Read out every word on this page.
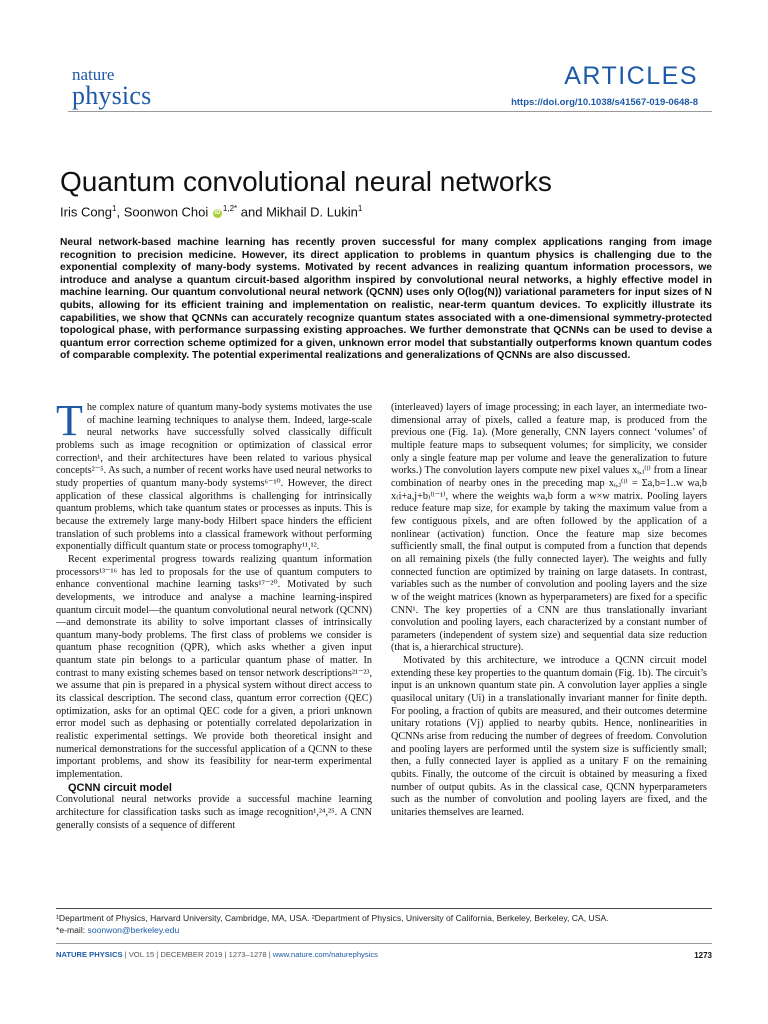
nature
physics
ARTICLES
https://doi.org/10.1038/s41567-019-0648-8
Quantum convolutional neural networks
Iris Cong$^1$, Soonwon Choi $iD^{1,2*}$ and Mikhail D. Lukin$^1$

Neural network-based machine learning has recently proven successful for many complex applications ranging from image recognition to precision medicine. However, its direct application to problems in quantum physics is challenging due to the exponential complexity of many-body systems. Motivated by recent advances in realizing quantum information processors, we introduce and analyse a quantum circuit-based algorithm inspired by convolutional neural networks, a highly effective model in machine learning. Our quantum convolutional neural network (QCNN) uses only O(log(N)) variational parameters for input sizes of N qubits, allowing for its efficient training and implementation on realistic, near-term quantum devices. To explicitly illustrate its capabilities, we show that QCNNs can accurately recognize quantum states associated with a one-dimensional symmetry-protected topological phase, with performance surpassing existing approaches. We further demonstrate that QCNNs can be used to devise a quantum error correction scheme optimized for a given, unknown error model that substantially outperforms known quantum codes of comparable complexity. The potential experimental realizations and generalizations of QCNNs are also discussed.

The complex nature of quantum many-body systems motivates the use of machine learning techniques to analyse them. Indeed, large-scale neural networks have successfully solved classically difficult problems such as image recognition or optimization of classical error correction¹, and their architectures have been related to various physical concepts²⁻⁵. As such, a number of recent works have used neural networks to study properties of quantum many-body systems⁶⁻¹⁰. However, the direct application of these classical algorithms is challenging for intrinsically quantum problems, which take quantum states or processes as inputs. This is because the extremely large many-body Hilbert space hinders the efficient translation of such problems into a classical framework without performing exponentially difficult quantum state or process tomography¹¹,¹².

Recent experimental progress towards realizing quantum information processors¹³⁻¹⁶ has led to proposals for the use of quantum computers to enhance conventional machine learning tasks¹⁷⁻²⁰. Motivated by such developments, we introduce and analyse a machine learning-inspired quantum circuit model—the quantum convolutional neural network (QCNN)—and demonstrate its ability to solve important classes of intrinsically quantum many-body problems. The first class of problems we consider is quantum phase recognition (QPR), which asks whether a given input quantum state ρin belongs to a particular quantum phase of matter. In contrast to many existing schemes based on tensor network descriptions²¹⁻²³, we assume that ρin is prepared in a physical system without direct access to its classical description. The second class, quantum error correction (QEC) optimization, asks for an optimal QEC code for a given, a priori unknown error model such as dephasing or potentially correlated depolarization in realistic experimental settings. We provide both theoretical insight and numerical demonstrations for the successful application of a QCNN to these important problems, and show its feasibility for near-term experimental implementation.

QCNN circuit model

Convolutional neural networks provide a successful machine learning architecture for classification tasks such as image recognition¹,²⁴,²⁵. A CNN generally consists of a sequence of different

(interleaved) layers of image processing; in each layer, an intermediate two-dimensional array of pixels, called a feature map, is produced from the previous one (Fig. 1a). (More generally, CNN layers connect ‘volumes’ of multiple feature maps to subsequent volumes; for simplicity, we consider only a single feature map per volume and leave the generalization to future works.) The convolution layers compute new pixel values xᵢ,ⱼ⁽ˡ⁾ from a linear combination of nearby ones in the preceding map xᵢ,ⱼ⁽ˡ⁾ = Σa,b=1..w wa,b x₍i+a,j+b₎⁽ˡ⁻¹⁾, where the weights wa,b form a w×w matrix. Pooling layers reduce feature map size, for example by taking the maximum value from a few contiguous pixels, and are often followed by the application of a nonlinear (activation) function. Once the feature map size becomes sufficiently small, the final output is computed from a function that depends on all remaining pixels (the fully connected layer). The weights and fully connected function are optimized by training on large datasets. In contrast, variables such as the number of convolution and pooling layers and the size w of the weight matrices (known as hyperparameters) are fixed for a specific CNN¹. The key properties of a CNN are thus translationally invariant convolution and pooling layers, each characterized by a constant number of parameters (independent of system size) and sequential data size reduction (that is, a hierarchical structure).

Motivated by this architecture, we introduce a QCNN circuit model extending these key properties to the quantum domain (Fig. 1b). The circuit’s input is an unknown quantum state ρin. A convolution layer applies a single quasilocal unitary (Ui) in a translationally invariant manner for finite depth. For pooling, a fraction of qubits are measured, and their outcomes determine unitary rotations (Vj) applied to nearby qubits. Hence, nonlinearities in QCNNs arise from reducing the number of degrees of freedom. Convolution and pooling layers are performed until the system size is sufficiently small; then, a fully connected layer is applied as a unitary F on the remaining qubits. Finally, the outcome of the circuit is obtained by measuring a fixed number of output qubits. As in the classical case, QCNN hyperparameters such as the number of convolution and pooling layers are fixed, and the unitaries themselves are learned.

¹Department of Physics, Harvard University, Cambridge, MA, USA. ²Department of Physics, University of California, Berkeley, Berkeley, CA, USA.
*e-mail: soonwon@berkeley.edu
NATURE PHYSICS | VOL 15 | DECEMBER 2019 | 1273–1278 | www.nature.com/naturephysics	1273
